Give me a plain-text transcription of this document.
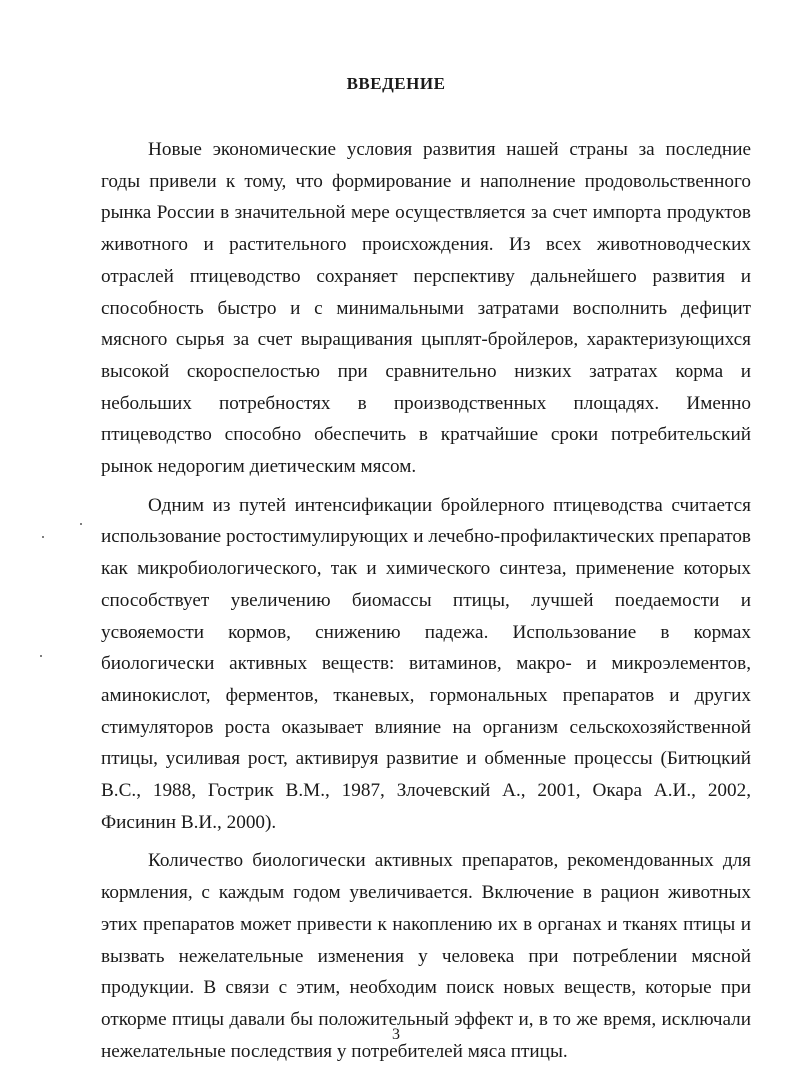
ВВЕДЕНИЕ

Новые экономические условия развития нашей страны за последние годы привели к тому, что формирование и наполнение продовольственного рынка России в значительной мере осуществляется за счет импорта продуктов животного и растительного происхождения. Из всех животноводческих отраслей птицеводство сохраняет перспективу дальнейшего развития и способность быстро и с минимальными затратами восполнить дефицит мясного сырья за счет выращивания цыплят-бройлеров, характеризующихся высокой скороспелостью при сравнительно низких затратах корма и небольших потребностях в производственных площадях. Именно птицеводство способно обеспечить в кратчайшие сроки потребительский рынок недорогим диетическим мясом.

Одним из путей интенсификации бройлерного птицеводства считается использование ростостимулирующих и лечебно-профилактических препаратов как микробиологического, так и химического синтеза, применение которых способствует увеличению биомассы птицы, лучшей поедаемости и усвояемости кормов, снижению падежа. Использование в кормах биологически активных веществ: витаминов, макро- и микроэлементов, аминокислот, ферментов, тканевых, гормональных препаратов и других стимуляторов роста оказывает влияние на организм сельскохозяйственной птицы, усиливая рост, активируя развитие и обменные процессы (Битюцкий В.С., 1988, Гострик В.М., 1987, Злочевский А., 2001, Окара А.И., 2002, Фисинин В.И., 2000).

Количество биологически активных препаратов, рекомендованных для кормления, с каждым годом увеличивается. Включение в рацион животных этих препаратов может привести к накоплению их в органах и тканях птицы и вызвать нежелательные изменения у человека при потреблении мясной продукции. В связи с этим, необходим поиск новых веществ, которые при откорме птицы давали бы положительный эффект и, в то же время, исключали нежелательные последствия у потребителей мяса птицы.

3
